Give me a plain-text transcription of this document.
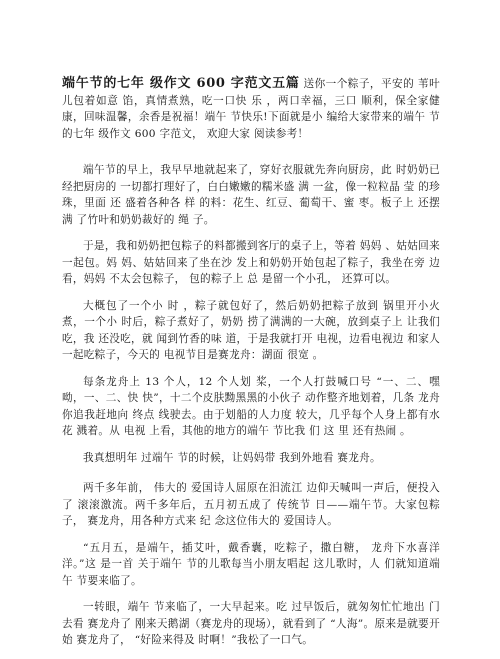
端午节的七年 级作文 600 字范文五篇 送你一个粽子，平安的 苇叶儿包着如意 馅，真情煮熟，吃一口快 乐 ，两口幸福，三口 顺利，保全家健康，回味温馨，余香是祝福！端午 节快乐!下面就是小 编给大家带来的端午 节的七年 级作文 600 字范文， 欢迎大家 阅读参考！

端午节的早上，我早早地就起来了，穿好衣服就先奔向厨房，此 时奶奶已 经把厨房的 一切都打理好了，白白嫩嫩的糯米盛 满 一盆，像一粒粒晶 莹 的珍珠，里面 还 盛着各种各 样 的料：花生、红豆、葡萄干、蜜 枣。板子上 还摆满 了竹叶和奶奶裁好的 绳 子。

于是，我和奶奶把包粽子的料都搬到客厅的桌子上，等着 妈妈 、姑姑回来一起包。妈 妈、姑姑回来了坐在沙 发上和奶奶开始包起了粽子，我坐在旁 边看，妈妈 不太会包粽子， 包的粽子上 总 是留一个小孔， 还算可以。

大概包了一个小 时 ，粽子就包好了，然后奶奶把粽子放到 锅里开小火煮，一个小 时后，粽子煮好了，奶奶 捞了满满的一大碗，放到桌子上 让我们吃，我 还没吃，就 闻到竹香的味 道，于是我就打开 电视，边看电视边 和家人一起吃粽子，今天的 电视节目是赛龙舟：湖面 很宽 。

每条龙舟上 13 个人，12 个人划 桨，一个人打鼓喊口号 “一、二、嘿呦，一、二、快 快”，十二个皮肤黝黑黑的小伙子 动作整齐地划着，几条 龙舟你追我赶地向 终点 线驶去。由于划船的人力度 较大，几乎每个人身上都有水花 溅着。从 电视 上看，其他的地方的端午 节比我 们 这 里 还有热闹 。

我真想明年 过端午 节的时候，让妈妈带 我到外地看 赛龙舟。

两千多年前， 伟大的 爱国诗人屈原在汨流江 边仰天喊叫一声后，便投入了 滚滚激流。两千多年后，五月初五成了 传统节 日——端午节。大家包粽子， 赛龙舟，用各种方式来 纪 念这位伟大的 爱国诗人。

“五月五，是端午，插艾叶，戴香囊，吃粽子，撒白糖， 龙舟下水喜洋洋。”这 是一首 关于端午 节的儿歌每当小朋友唱起 这儿歌时，人 们就知道端午 节要来临了。

一转眼，端午 节来临了，一大早起来。吃 过早饭后，就匆匆忙忙地出 门去看 赛龙舟了 刚来天鹅湖（赛龙舟的现场），就看到了 “人海”。原来是就要开始 赛龙舟了， “好险来得及 时啊！”我松了一口气。
